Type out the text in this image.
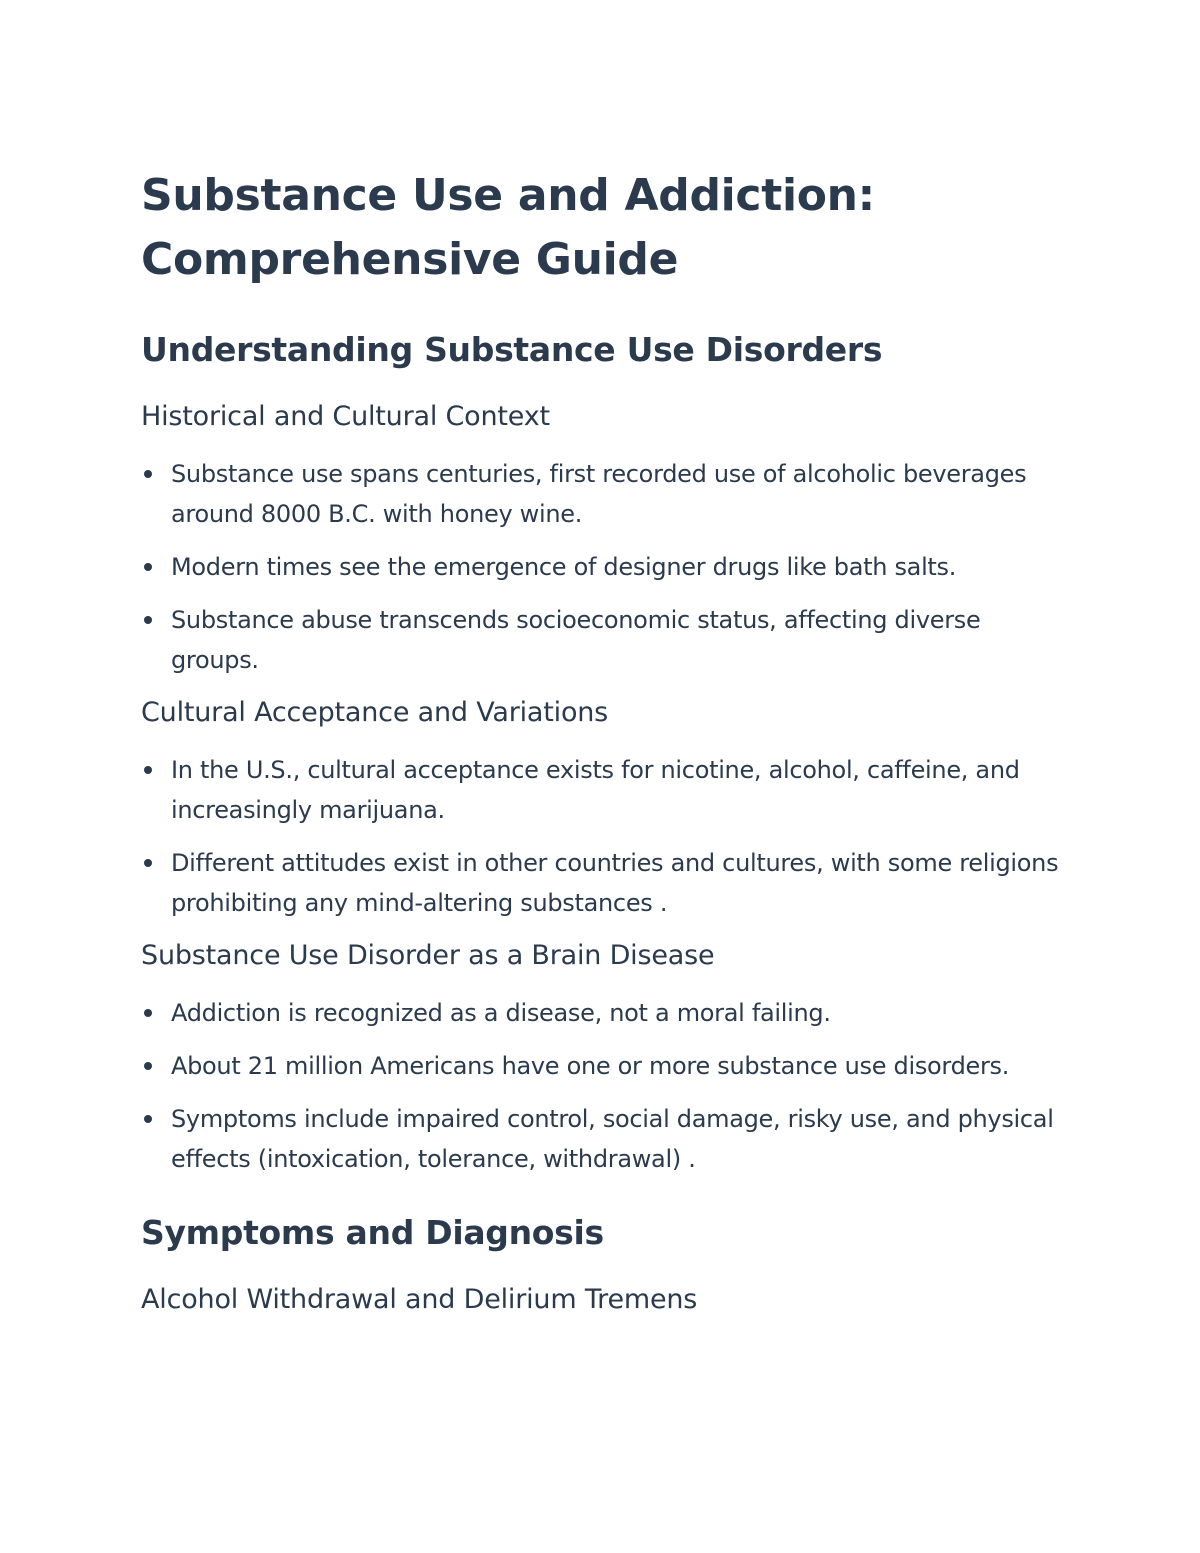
Substance Use and Addiction:
Comprehensive Guide
Understanding Substance Use Disorders
Historical and Cultural Context
Substance use spans centuries, first recorded use of alcoholic beverages around 8000 B.C. with honey wine.
Modern times see the emergence of designer drugs like bath salts.
Substance abuse transcends socioeconomic status, affecting diverse groups.
Cultural Acceptance and Variations
In the U.S., cultural acceptance exists for nicotine, alcohol, caffeine, and increasingly marijuana.
Different attitudes exist in other countries and cultures, with some religions prohibiting any mind-altering substances .
Substance Use Disorder as a Brain Disease
Addiction is recognized as a disease, not a moral failing.
About 21 million Americans have one or more substance use disorders.
Symptoms include impaired control, social damage, risky use, and physical effects (intoxication, tolerance, withdrawal) .
Symptoms and Diagnosis
Alcohol Withdrawal and Delirium Tremens
